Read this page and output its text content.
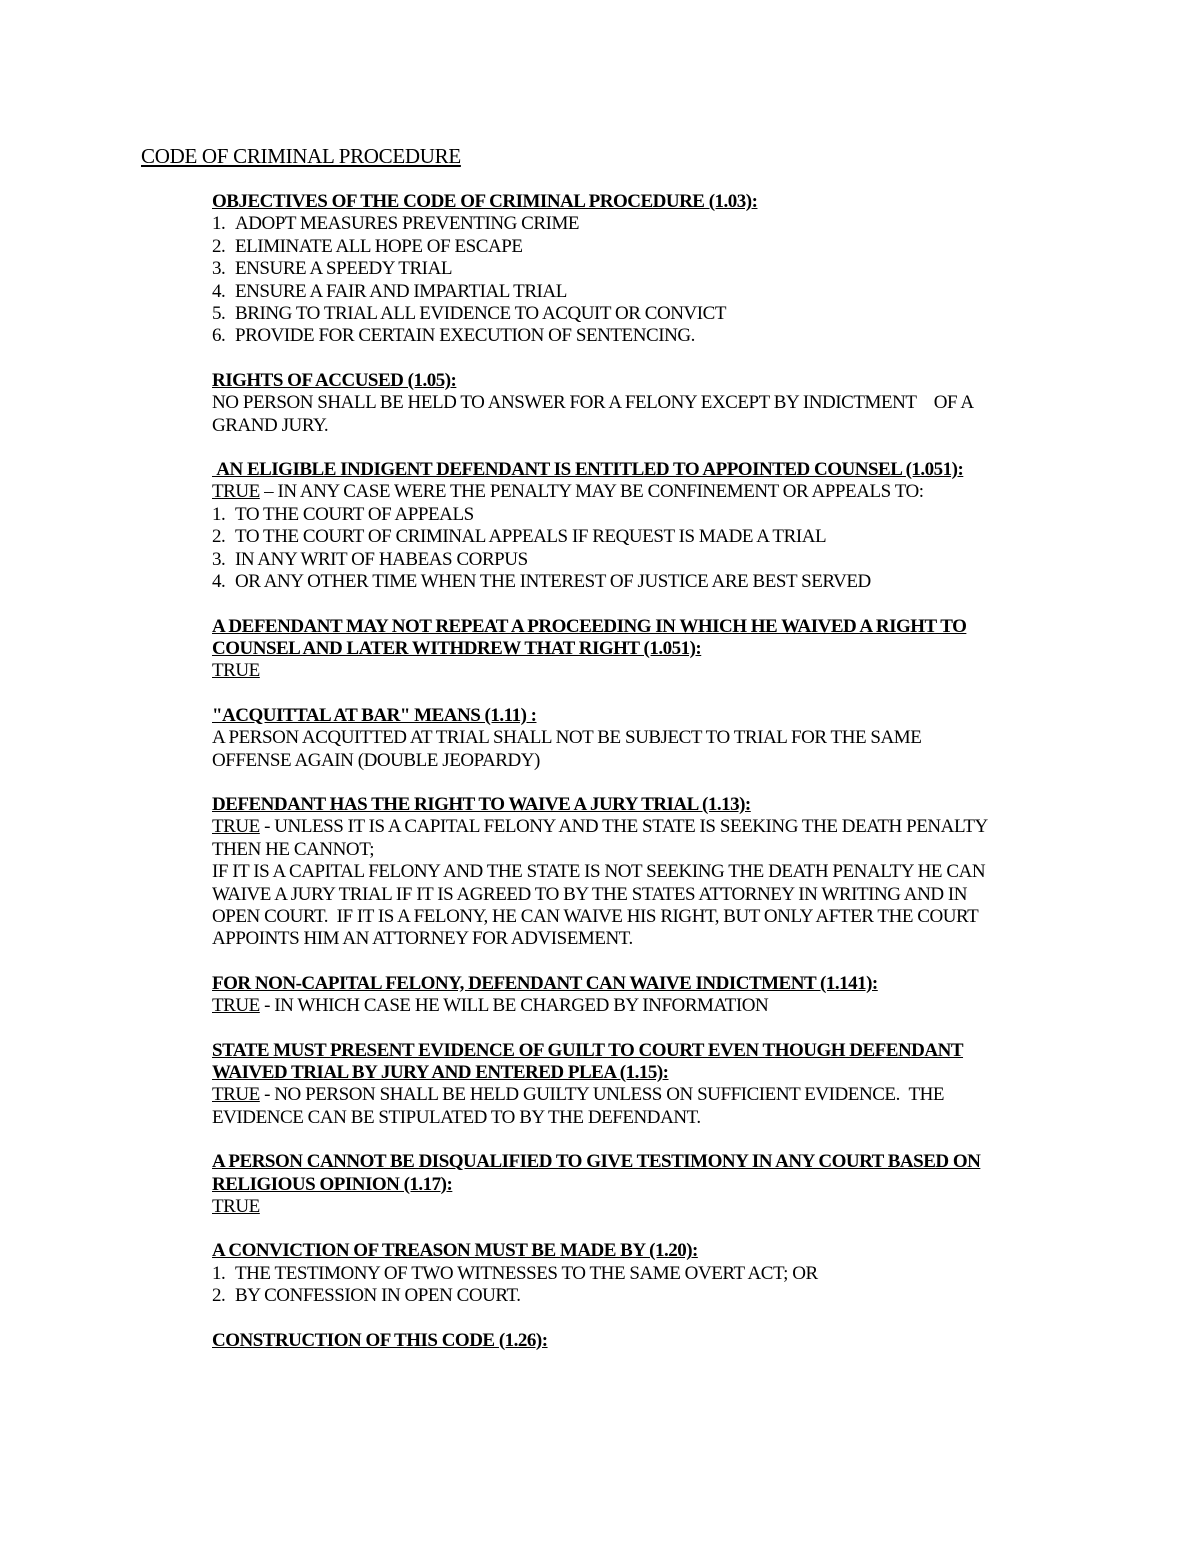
CODE OF CRIMINAL PROCEDURE
OBJECTIVES OF THE CODE OF CRIMINAL PROCEDURE (1.03):
1. ADOPT MEASURES PREVENTING CRIME
2. ELIMINATE ALL HOPE OF ESCAPE
3. ENSURE A SPEEDY TRIAL
4. ENSURE A FAIR AND IMPARTIAL TRIAL
5. BRING TO TRIAL ALL EVIDENCE TO ACQUIT OR CONVICT
6. PROVIDE FOR CERTAIN EXECUTION OF SENTENCING.
RIGHTS OF ACCUSED (1.05):
NO PERSON SHALL BE HELD TO ANSWER FOR A FELONY EXCEPT BY INDICTMENT    OF A
GRAND JURY.
AN ELIGIBLE INDIGENT DEFENDANT IS ENTITLED TO APPOINTED COUNSEL (1.051):
TRUE – IN ANY CASE WERE THE PENALTY MAY BE CONFINEMENT OR APPEALS TO:
1. TO THE COURT OF APPEALS
2. TO THE COURT OF CRIMINAL APPEALS IF REQUEST IS MADE A TRIAL
3. IN ANY WRIT OF HABEAS CORPUS
4. OR ANY OTHER TIME WHEN THE INTEREST OF JUSTICE ARE BEST SERVED
A DEFENDANT MAY NOT REPEAT A PROCEEDING IN WHICH HE WAIVED A RIGHT TO
COUNSEL AND LATER WITHDREW THAT RIGHT (1.051):
TRUE
"ACQUITTAL AT BAR" MEANS (1.11) :
A PERSON ACQUITTED AT TRIAL SHALL NOT BE SUBJECT TO TRIAL FOR THE SAME
OFFENSE AGAIN (DOUBLE JEOPARDY)
DEFENDANT HAS THE RIGHT TO WAIVE A JURY TRIAL (1.13):
TRUE - UNLESS IT IS A CAPITAL FELONY AND THE STATE IS SEEKING THE DEATH PENALTY
THEN HE CANNOT;
IF IT IS A CAPITAL FELONY AND THE STATE IS NOT SEEKING THE DEATH PENALTY HE CAN
WAIVE A JURY TRIAL IF IT IS AGREED TO BY THE STATES ATTORNEY IN WRITING AND IN
OPEN COURT.  IF IT IS A FELONY, HE CAN WAIVE HIS RIGHT, BUT ONLY AFTER THE COURT
APPOINTS HIM AN ATTORNEY FOR ADVISEMENT.
FOR NON-CAPITAL FELONY, DEFENDANT CAN WAIVE INDICTMENT (1.141):
TRUE - IN WHICH CASE HE WILL BE CHARGED BY INFORMATION
STATE MUST PRESENT EVIDENCE OF GUILT TO COURT EVEN THOUGH DEFENDANT
WAIVED TRIAL BY JURY AND ENTERED PLEA (1.15):
TRUE - NO PERSON SHALL BE HELD GUILTY UNLESS ON SUFFICIENT EVIDENCE.  THE
EVIDENCE CAN BE STIPULATED TO BY THE DEFENDANT.
A PERSON CANNOT BE DISQUALIFIED TO GIVE TESTIMONY IN ANY COURT BASED ON
RELIGIOUS OPINION (1.17):
TRUE
A CONVICTION OF TREASON MUST BE MADE BY (1.20):
1. THE TESTIMONY OF TWO WITNESSES TO THE SAME OVERT ACT; OR
2. BY CONFESSION IN OPEN COURT.
CONSTRUCTION OF THIS CODE (1.26):
